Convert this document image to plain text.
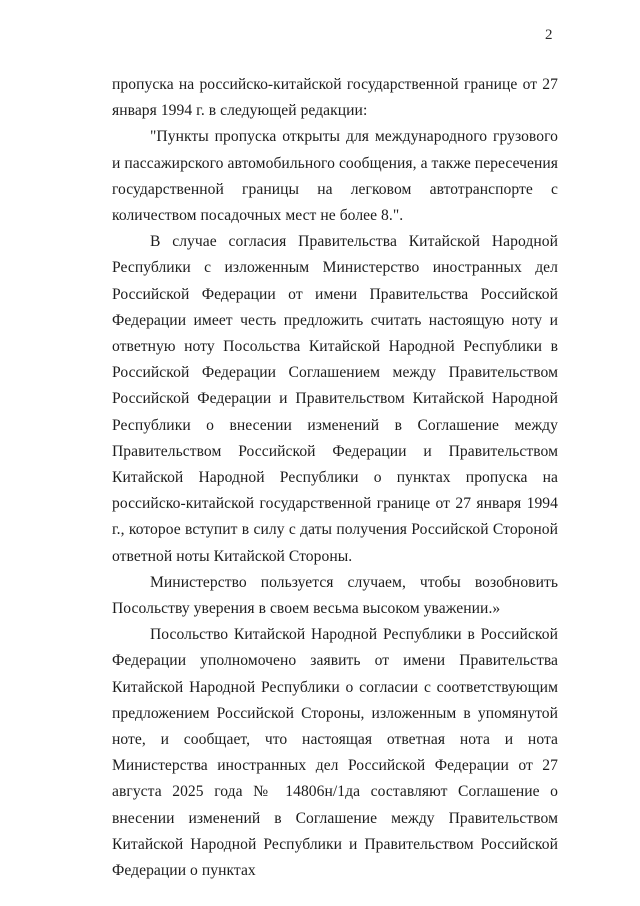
2

пропуска на российско-китайской государственной границе от 27 января 1994 г. в следующей редакции:

"Пункты пропуска открыты для международного грузового и пассажирского автомобильного сообщения, а также пересечения государственной границы на легковом автотранспорте с количеством посадочных мест не более 8.".

В случае согласия Правительства Китайской Народной Республики с изложенным Министерство иностранных дел Российской Федерации от имени Правительства Российской Федерации имеет честь предложить считать настоящую ноту и ответную ноту Посольства Китайской Народной Республики в Российской Федерации Соглашением между Правительством Российской Федерации и Правительством Китайской Народной Республики о внесении изменений в Соглашение между Правительством Российской Федерации и Правительством Китайской Народной Республики о пунктах пропуска на российско-китайской государственной границе от 27 января 1994 г., которое вступит в силу с даты получения Российской Стороной ответной ноты Китайской Стороны.

Министерство пользуется случаем, чтобы возобновить Посольству уверения в своем весьма высоком уважении.»

Посольство Китайской Народной Республики в Российской Федерации уполномочено заявить от имени Правительства Китайской Народной Республики о согласии с соответствующим предложением Российской Стороны, изложенным в упомянутой ноте, и сообщает, что настоящая ответная нота и нота Министерства иностранных дел Российской Федерации от 27 августа 2025 года № 14806н/1да составляют Соглашение о внесении изменений в Соглашение между Правительством Китайской Народной Республики и Правительством Российской Федерации о пунктах
